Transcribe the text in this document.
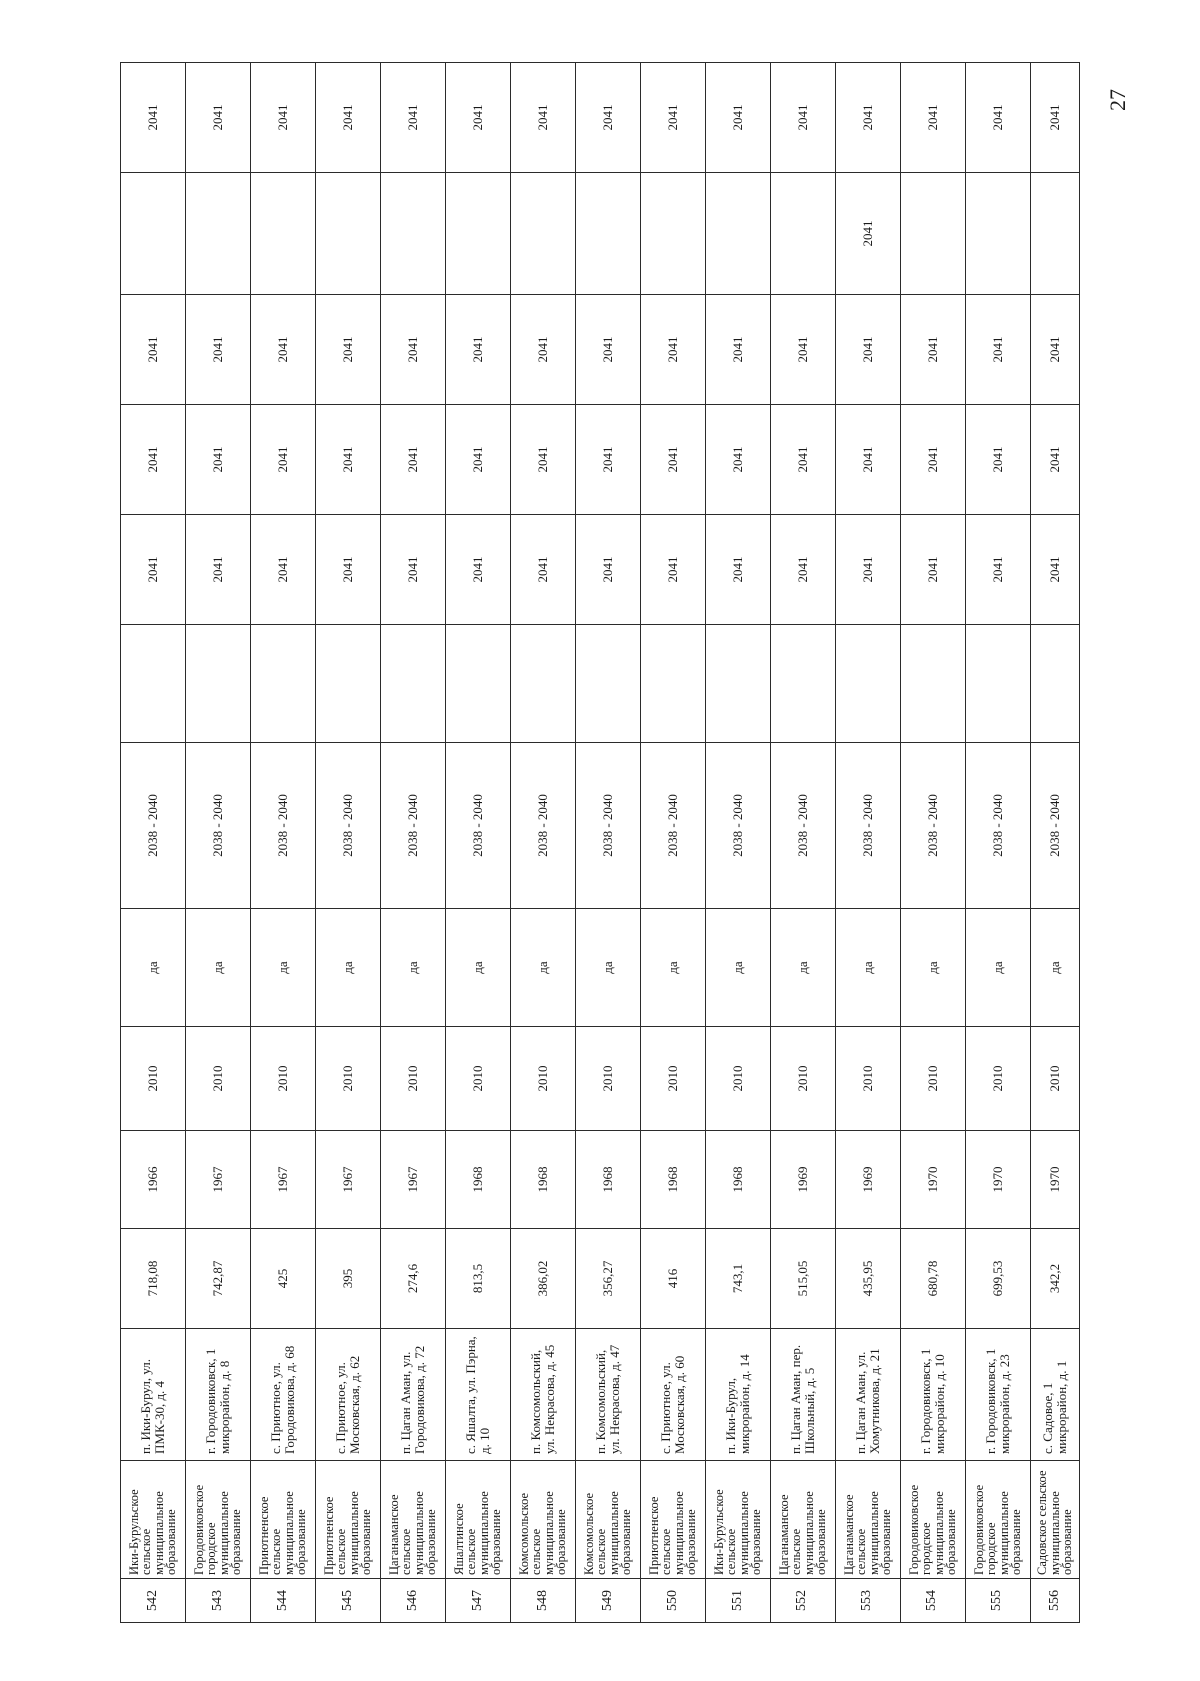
27
542	Ики-Бурульское сельское муниципальное образование	п. Ики-Бурул, ул. ПМК-30, д. 4	718,08	1966	2010	да	2038 - 2040		2041	2041	2041		2041
543	Городовиковское городское муниципальное образование	г. Городовиковск, 1 микрорайон, д. 8	742,87	1967	2010	да	2038 - 2040		2041	2041	2041		2041
544	Приютненское сельское муниципальное образование	с. Приютное, ул. Городовикова, д. 68	425	1967	2010	да	2038 - 2040		2041	2041	2041		2041
545	Приютненское сельское муниципальное образование	с. Приютное, ул. Московская, д. 62	395	1967	2010	да	2038 - 2040		2041	2041	2041		2041
546	Цаганаманское сельское муниципальное образование	п. Цаган Аман, ул. Городовикова, д. 72	274,6	1967	2010	да	2038 - 2040		2041	2041	2041		2041
547	Яшалтинское сельское муниципальное образование	с. Яшалта, ул. Пэрна, д. 10	813,5	1968	2010	да	2038 - 2040		2041	2041	2041		2041
548	Комсомольское сельское муниципальное образование	п. Комсомольский, ул. Некрасова, д. 45	386,02	1968	2010	да	2038 - 2040		2041	2041	2041		2041
549	Комсомольское сельское муниципальное образование	п. Комсомольский, ул. Некрасова, д. 47	356,27	1968	2010	да	2038 - 2040		2041	2041	2041		2041
550	Приютненское сельское муниципальное образование	с. Приютное, ул. Московская, д. 60	416	1968	2010	да	2038 - 2040		2041	2041	2041		2041
551	Ики-Бурульское сельское муниципальное образование	п. Ики-Бурул, микрорайон, д. 14	743,1	1968	2010	да	2038 - 2040		2041	2041	2041		2041
552	Цаганаманское сельское муниципальное образование	п. Цаган Аман, пер. Школьный, д. 5	515,05	1969	2010	да	2038 - 2040		2041	2041	2041		2041
553	Цаганаманское сельское муниципальное образование	п. Цаган Аман, ул. Хомутникова, д. 21	435,95	1969	2010	да	2038 - 2040		2041	2041	2041	2041	2041
554	Городовиковское городское муниципальное образование	г. Городовиковск, 1 микрорайон, д. 10	680,78	1970	2010	да	2038 - 2040		2041	2041	2041		2041
555	Городовиковское городское муниципальное образование	г. Городовиковск, 1 микрорайон, д. 23	699,53	1970	2010	да	2038 - 2040		2041	2041	2041		2041
556	Садовское сельское муниципальное образование	с. Садовое, 1 микрорайон, д. 1	342,2	1970	2010	да	2038 - 2040		2041	2041	2041		2041
